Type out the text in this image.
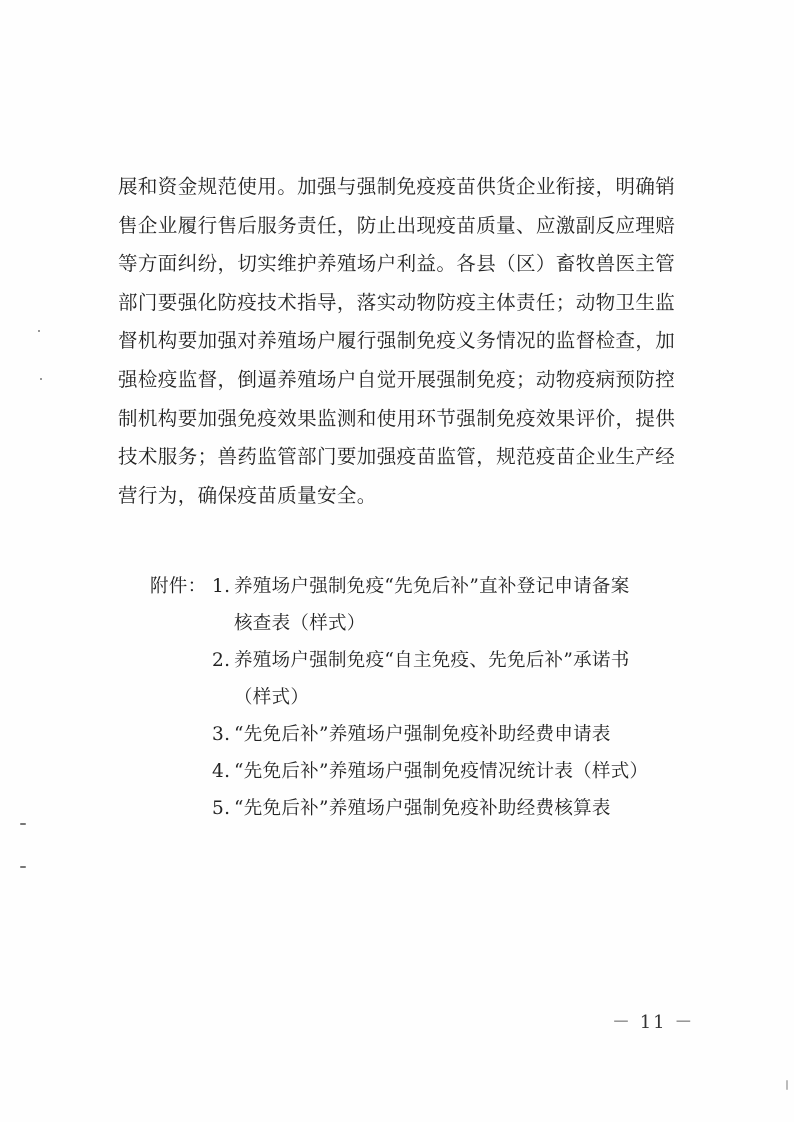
展和资金规范使用。加强与强制免疫疫苗供货企业衔接，明确销
售企业履行售后服务责任，防止出现疫苗质量、应激副反应理赔
等方面纠纷，切实维护养殖场户利益。各县（区）畜牧兽医主管
部门要强化防疫技术指导，落实动物防疫主体责任；动物卫生监
督机构要加强对养殖场户履行强制免疫义务情况的监督检查，加
强检疫监督，倒逼养殖场户自觉开展强制免疫；动物疫病预防控
制机构要加强免疫效果监测和使用环节强制免疫效果评价，提供
技术服务；兽药监管部门要加强疫苗监管，规范疫苗企业生产经
营行为，确保疫苗质量安全。
附件： 1. 养殖场户强制免疫“先免后补”直补登记申请备案
核查表（样式）
2. 养殖场户强制免疫“自主免疫、先免后补”承诺书
（样式）
3. “先免后补”养殖场户强制免疫补助经费申请表
4. “先免后补”养殖场户强制免疫情况统计表（样式）
5. “先免后补”养殖场户强制免疫补助经费核算表
－ 11 －
